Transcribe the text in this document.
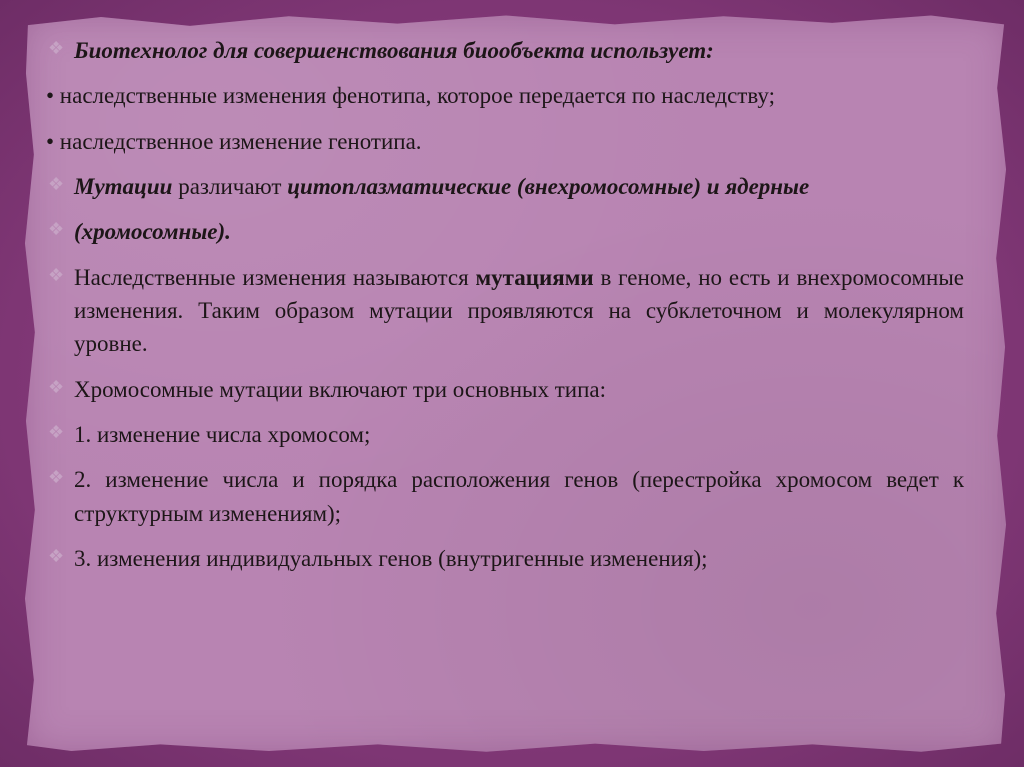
❖ Биотехнолог для совершенствования биообъекта использует:
• наследственные изменения фенотипа, которое передается по наследству;
• наследственное изменение генотипа.
❖ Мутации различают цитоплазматические (внехромосомные) и ядерные
❖ (хромосомные).
❖ Наследственные изменения называются мутациями в геноме, но есть и внехромосомные изменения. Таким образом мутации проявляются на субклеточном и молекулярном уровне.
❖ Хромосомные мутации включают три основных типа:
❖ 1. изменение числа хромосом;
❖ 2. изменение числа и порядка расположения генов (перестройка хромосом ведет к структурным изменениям);
❖ 3. изменения индивидуальных генов (внутригенные изменения);
